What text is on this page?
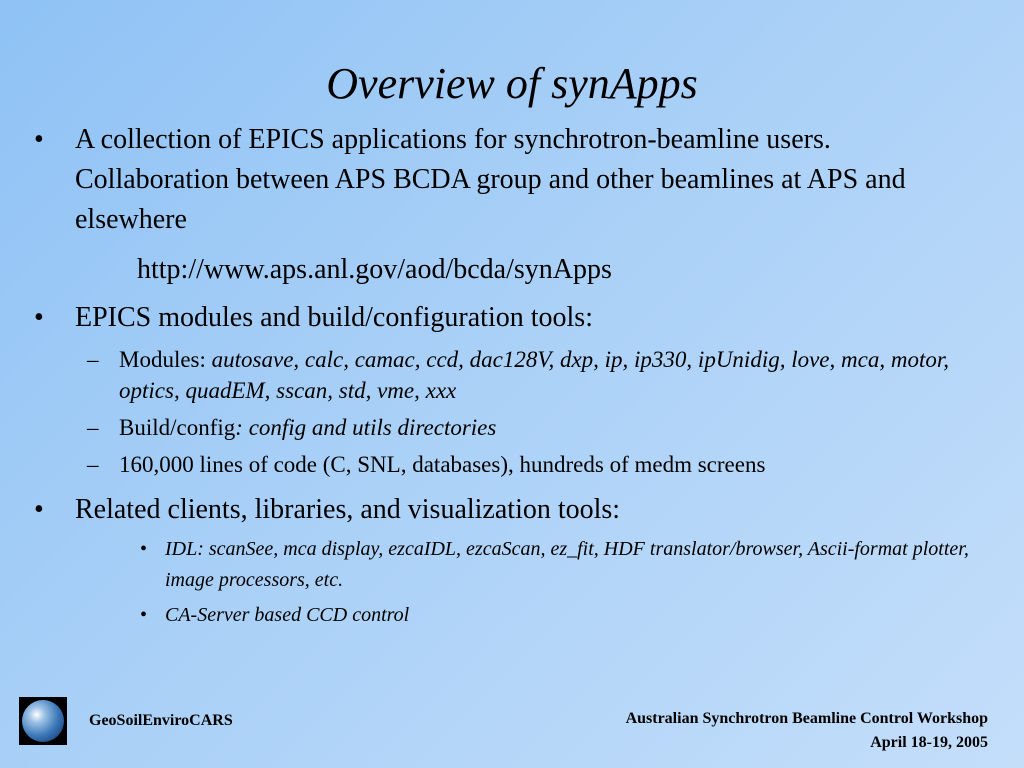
Overview of synApps
• A collection of EPICS applications for synchrotron-beamline users. Collaboration between APS BCDA group and other beamlines at APS and elsewhere
http://www.aps.anl.gov/aod/bcda/synApps
• EPICS modules and build/configuration tools:
– Modules: autosave, calc, camac, ccd, dac128V, dxp, ip, ip330, ipUnidig, love, mca, motor, optics, quadEM, sscan, std, vme, xxx
– Build/config: config and utils directories
– 160,000 lines of code (C, SNL, databases), hundreds of medm screens
• Related clients, libraries, and visualization tools:
• IDL: scanSee, mca display, ezcaIDL, ezcaScan, ez_fit, HDF translator/browser, Ascii-format plotter, image processors, etc.
• CA-Server based CCD control
GeoSoilEnviroCARS	Australian Synchrotron Beamline Control Workshop
April 18-19, 2005
